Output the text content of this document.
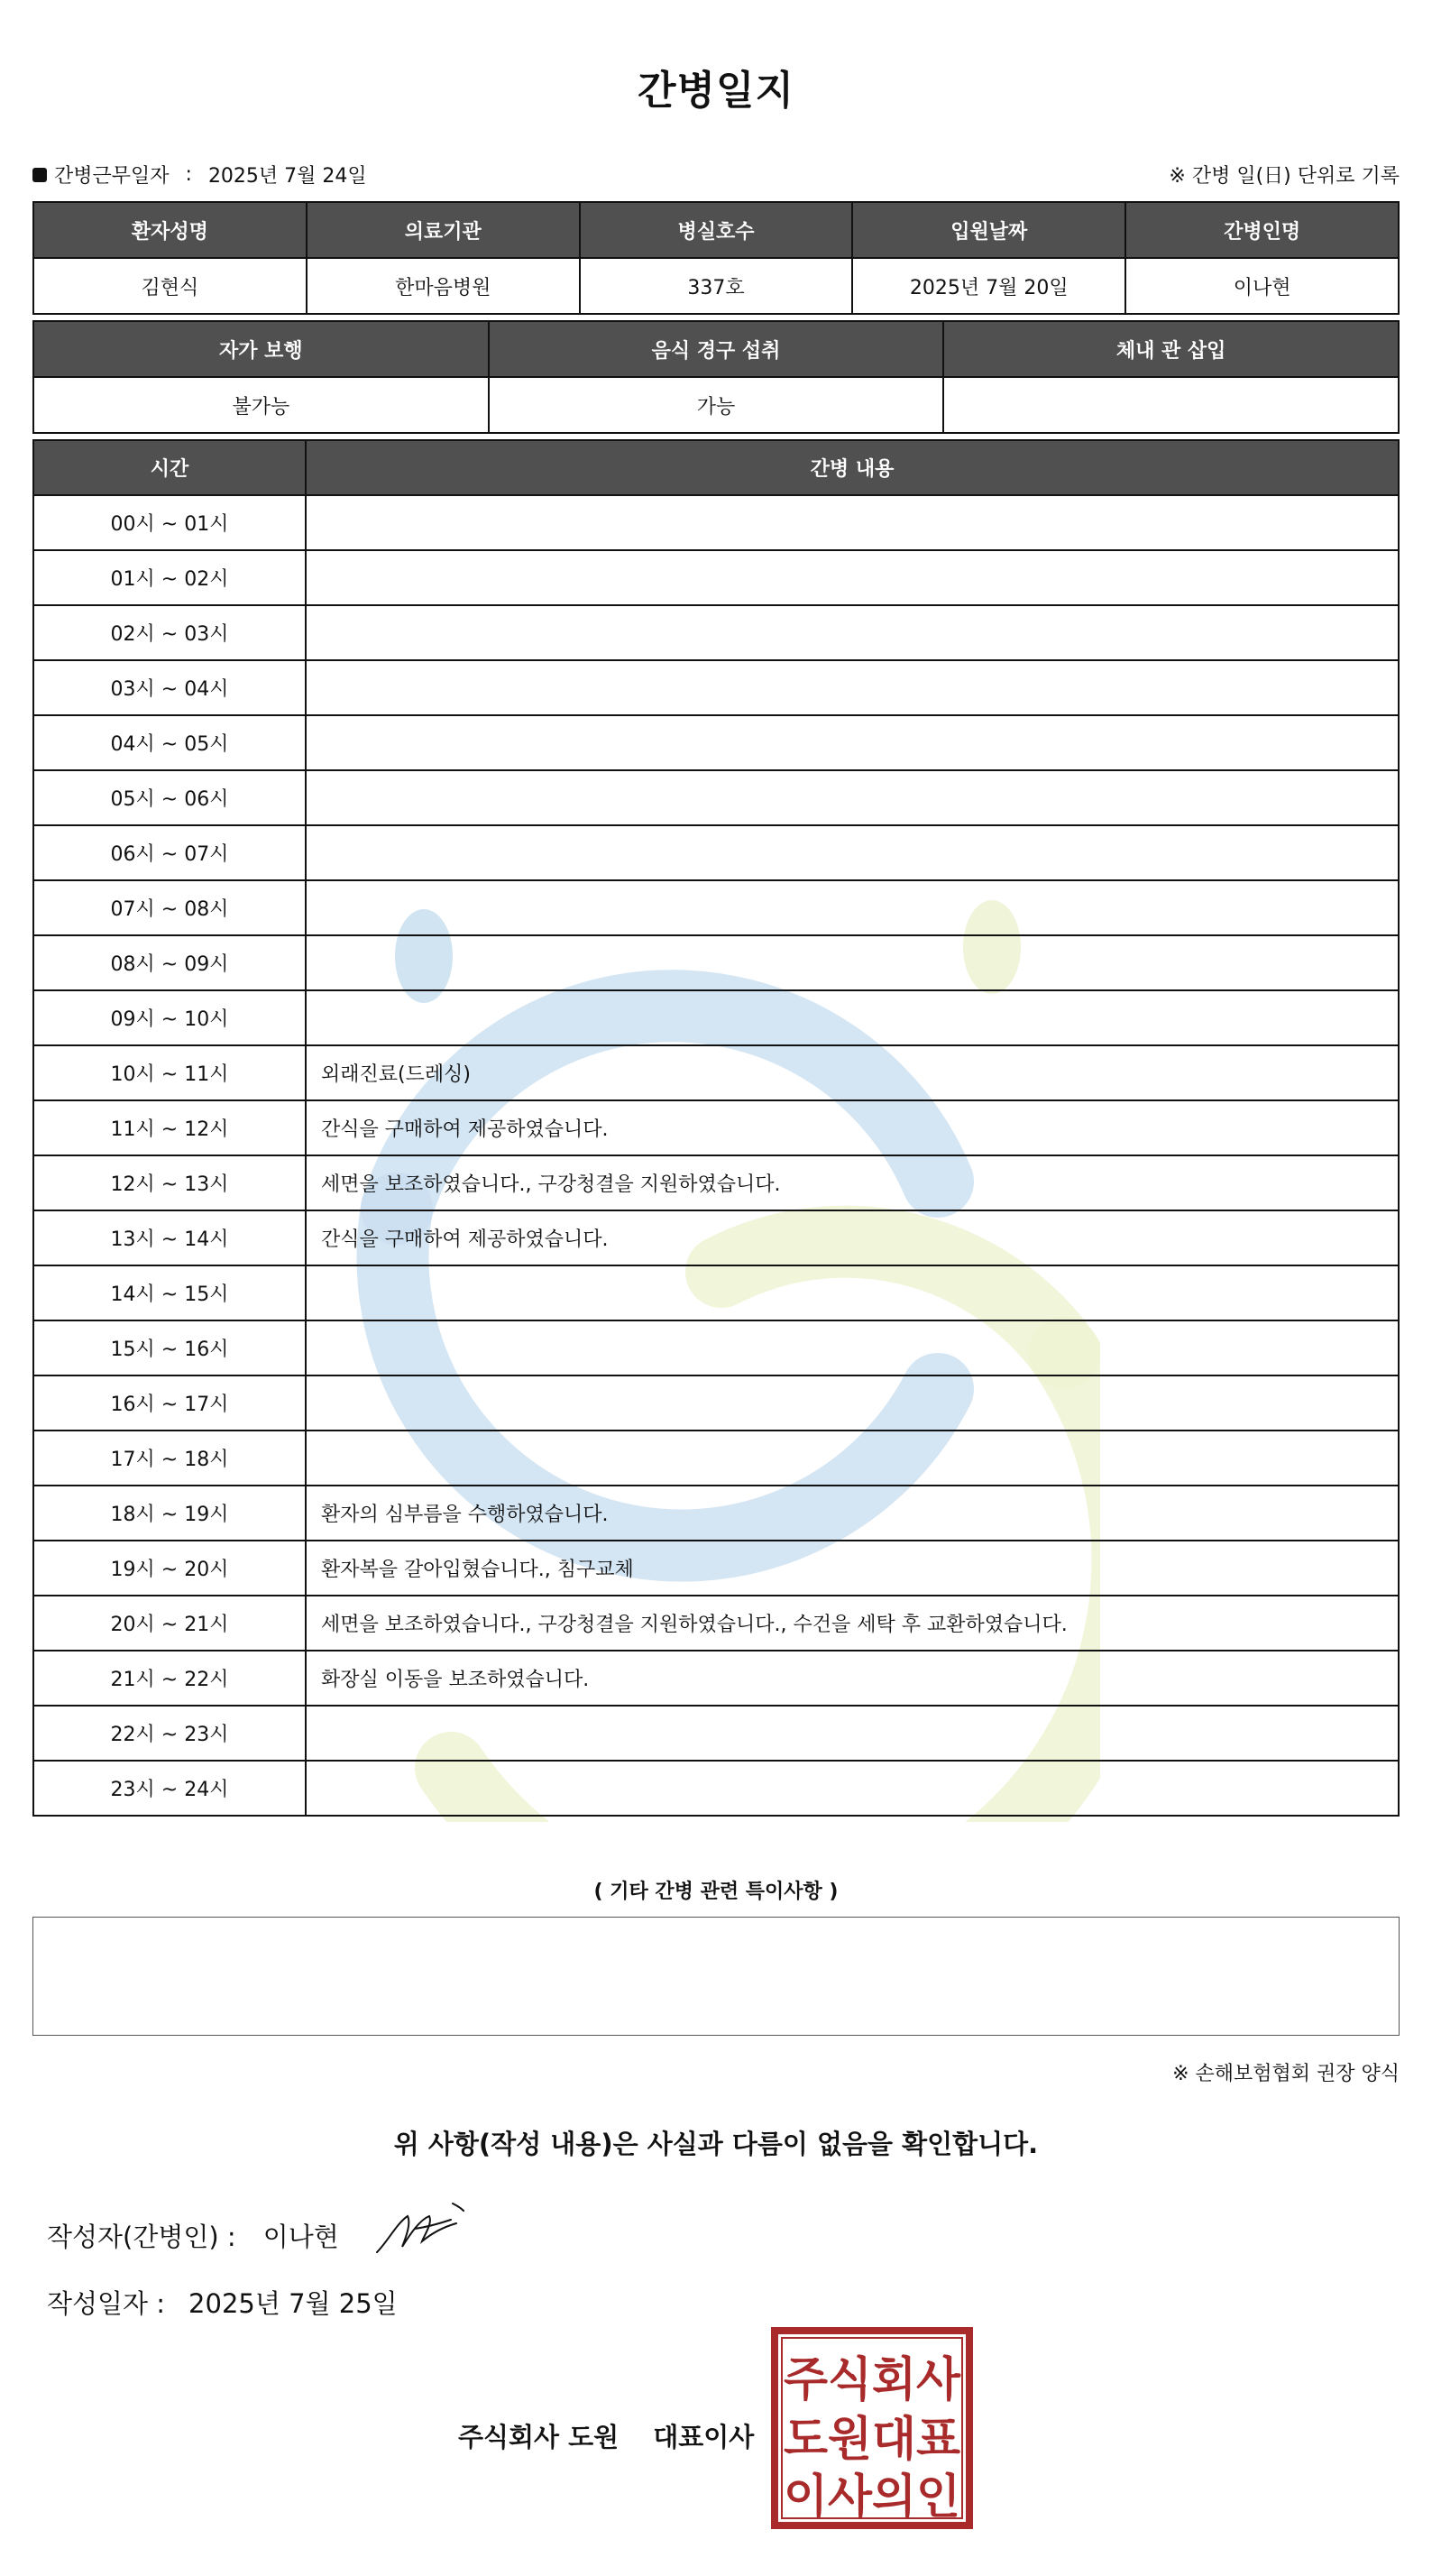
간병일지
간병근무일자 : 2025년 7월 24일	※ 간병 일(日) 단위로 기록
환자성명	의료기관	병실호수	입원날짜	간병인명
김현식	한마음병원	337호	2025년 7월 20일	이나현
자가 보행	음식 경구 섭취	체내 관 삽입
불가능	가능	
시간	간병 내용
00시 ~ 01시	
01시 ~ 02시	
02시 ~ 03시	
03시 ~ 04시	
04시 ~ 05시	
05시 ~ 06시	
06시 ~ 07시	
07시 ~ 08시	
08시 ~ 09시	
09시 ~ 10시	
10시 ~ 11시	외래진료(드레싱)
11시 ~ 12시	간식을 구매하여 제공하였습니다.
12시 ~ 13시	세면을 보조하였습니다., 구강청결을 지원하였습니다.
13시 ~ 14시	간식을 구매하여 제공하였습니다.
14시 ~ 15시	
15시 ~ 16시	
16시 ~ 17시	
17시 ~ 18시	
18시 ~ 19시	환자의 심부름을 수행하였습니다.
19시 ~ 20시	환자복을 갈아입혔습니다., 침구교체
20시 ~ 21시	세면을 보조하였습니다., 구강청결을 지원하였습니다., 수건을 세탁 후 교환하였습니다.
21시 ~ 22시	화장실 이동을 보조하였습니다.
22시 ~ 23시	
23시 ~ 24시	
( 기타 간병 관련 특이사항 )
※ 손해보험협회 권장 양식
위 사항(작성 내용)은 사실과 다름이 없음을 확인합니다.
작성자(간병인) : 이나현
작성일자 : 2025년 7월 25일
주식회사 도원 대표이사
주식회사
도원대표
이사의인
